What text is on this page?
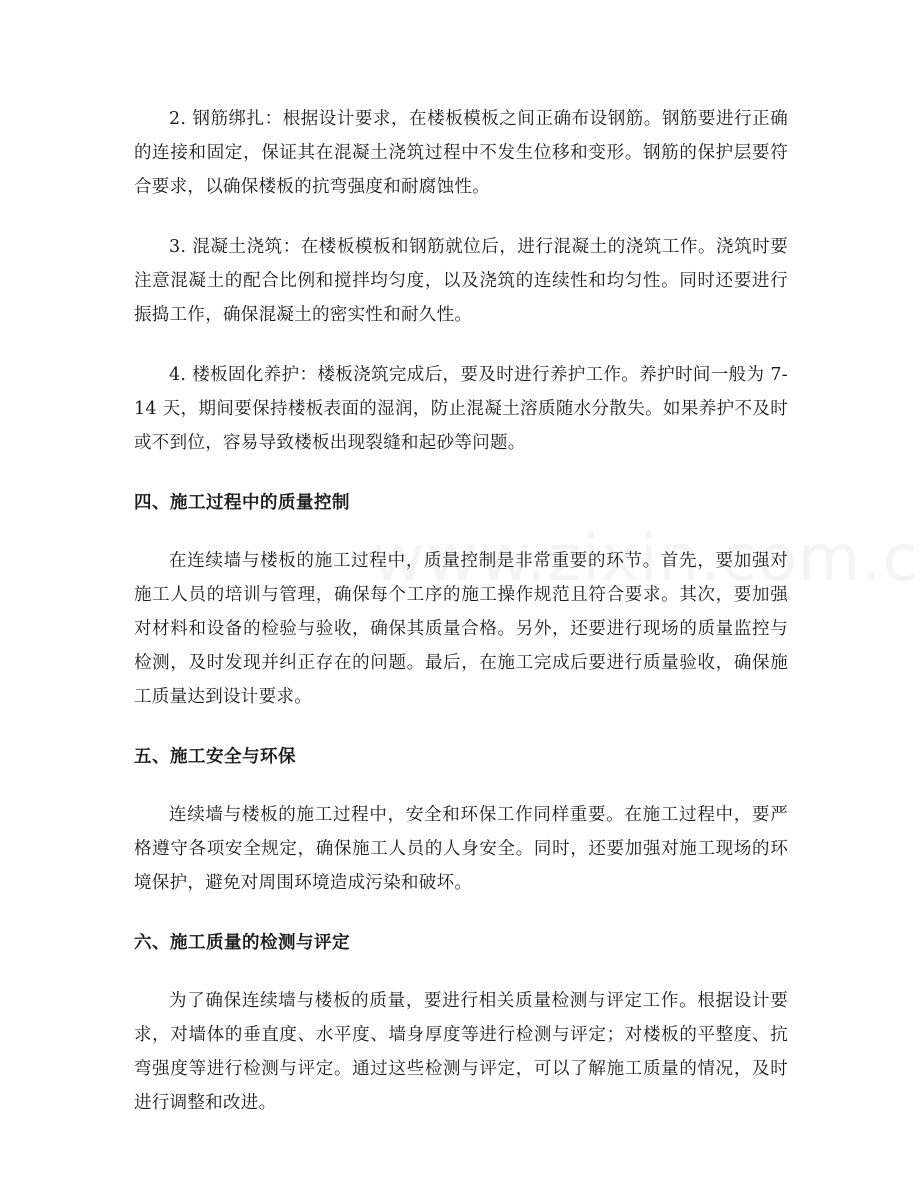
2. 钢筋绑扎：根据设计要求，在楼板模板之间正确布设钢筋。钢筋要进行正确的连接和固定，保证其在混凝土浇筑过程中不发生位移和变形。钢筋的保护层要符合要求，以确保楼板的抗弯强度和耐腐蚀性。

3. 混凝土浇筑：在楼板模板和钢筋就位后，进行混凝土的浇筑工作。浇筑时要注意混凝土的配合比例和搅拌均匀度，以及浇筑的连续性和均匀性。同时还要进行振捣工作，确保混凝土的密实性和耐久性。

4. 楼板固化养护：楼板浇筑完成后，要及时进行养护工作。养护时间一般为 7-14 天，期间要保持楼板表面的湿润，防止混凝土溶质随水分散失。如果养护不及时或不到位，容易导致楼板出现裂缝和起砂等问题。

四、施工过程中的质量控制

在连续墙与楼板的施工过程中，质量控制是非常重要的环节。首先，要加强对施工人员的培训与管理，确保每个工序的施工操作规范且符合要求。其次，要加强对材料和设备的检验与验收，确保其质量合格。另外，还要进行现场的质量监控与检测，及时发现并纠正存在的问题。最后，在施工完成后要进行质量验收，确保施工质量达到设计要求。

五、施工安全与环保

连续墙与楼板的施工过程中，安全和环保工作同样重要。在施工过程中，要严格遵守各项安全规定，确保施工人员的人身安全。同时，还要加强对施工现场的环境保护，避免对周围环境造成污染和破坏。

六、施工质量的检测与评定

为了确保连续墙与楼板的质量，要进行相关质量检测与评定工作。根据设计要求，对墙体的垂直度、水平度、墙身厚度等进行检测与评定；对楼板的平整度、抗弯强度等进行检测与评定。通过这些检测与评定，可以了解施工质量的情况，及时进行调整和改进。
